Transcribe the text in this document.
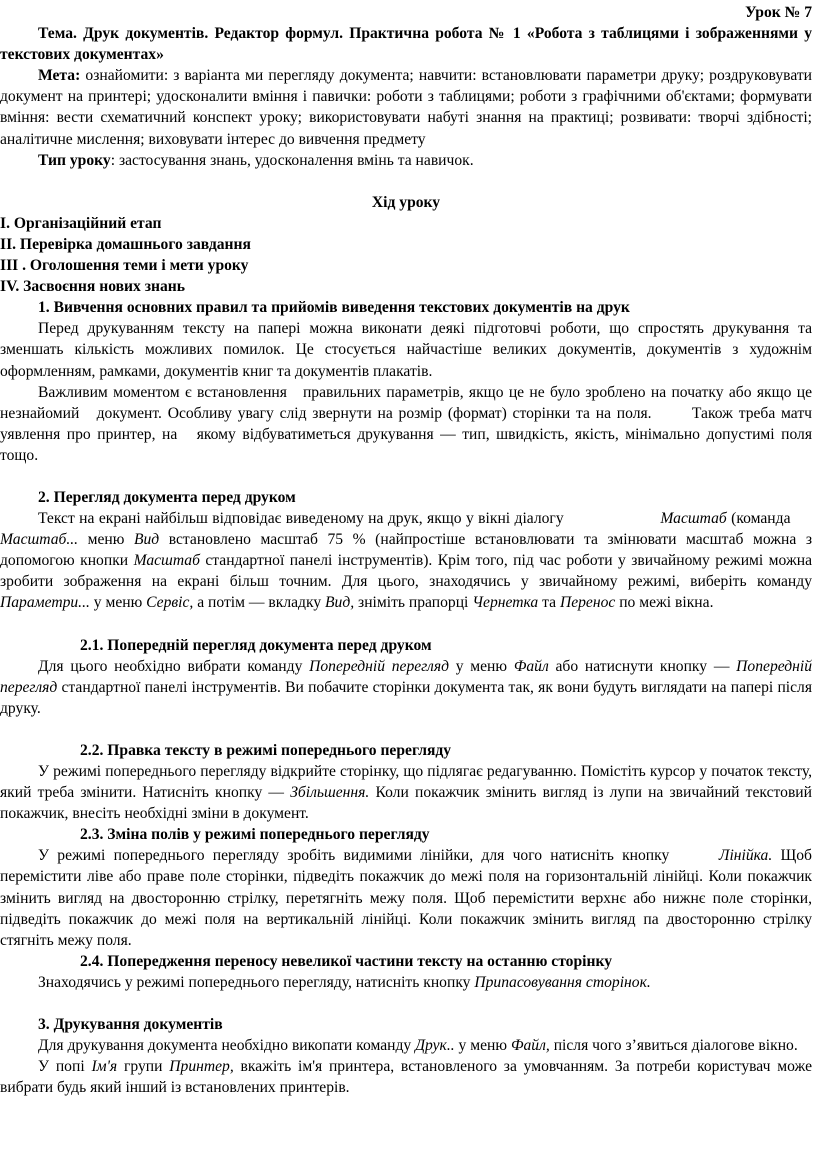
Урок № 7

Тема. Друк документів. Редактор формул. Практична робота № 1 «Робота з таблицями і зображеннями у текстових документах»

Мета: ознайомити: з варіанта ми перегляду документа; навчити: встановлювати параметри друку; роздруковувати документ на принтері; удосконалити вміння і павички: роботи з таблицями; роботи з графічними об'єктами; формувати вміння: вести схематичний конспект уроку; використовувати набуті знання на практиці; розвивати: творчі здібності; аналітичне мислення; виховувати інтерес до вивчення предмету

Тип уроку: застосування знань, удосконалення вмінь та навичок.

Хід уроку

І. Організаційний етап

ІІ. Перевірка домашнього завдання

ІІІ . Оголошення теми і мети уроку

IV. Засвоєння нових знань

1. Вивчення основних правил та прийомів виведення текстових документів на друк

Перед друкуванням тексту на папері можна виконати деякі підготовчі роботи, що спростять друкування та зменшать кількість можливих помилок. Це стосується найчастіше великих документів, документів з художнім оформленням, рамками, документів книг та документів плакатів.

Важливим моментом є встановлення   правильних параметрів, якщо це не було зроблено на початку або якщо це незнайомий   документ. Особливу увагу слід звернути на розмір (формат) сторінки та на поля.       Також треба матч уявлення про принтер, на   якому відбуватиметься друкування — тип, швидкість, якість, мінімально допустимі поля тощо.

2. Перегляд документа перед друком

Текст на екрані найбільш відповідає виведеному на друк, якщо у вікні діалогу	Масштаб (команда      Масштаб... меню Вид встановлено масштаб 75 % (найпростіше встановлювати та змінювати масштаб можна з допомогою кнопки Масштаб стандартної панелі інструментів). Крім того, під час роботи у звичайному режимі можна зробити зображення на екрані більш точним. Для цього, знаходячись у звичайному режимі, виберіть команду Параметри... у меню Сервіс, а потім — вкладку Вид, зніміть прапорці Чернетка та Перенос по межі вікна.

2.1. Попередній перегляд документа перед друком

Для цього необхідно вибрати команду Попередній перегляд у меню Файл або натиснути кнопку — Попередній перегляд стандартної панелі інструментів. Ви побачите сторінки документа так, як вони будуть виглядати на папері після друку.

2.2. Правка тексту в режимі попереднього перегляду

У режимі попереднього перегляду відкрийте сторінку, що підлягає редагуванню. Помістіть курсор у початок тексту, який треба змінити. Натисніть кнопку — Збільшення. Коли покажчик змінить вигляд із лупи на звичайний текстовий покажчик, внесіть необхідні зміни в документ.

2.3. Зміна полів у режимі попереднього перегляду

У режимі попереднього перегляду зробіть видимими лінійки, для чого натисніть кнопку	Лінійка. Щоб перемістити ліве або праве поле сторінки, підведіть покажчик до межі поля на горизонтальній лінійці. Коли покажчик змінить вигляд на двосторонню стрілку, перетягніть межу поля. Щоб перемістити верхнє або нижнє поле сторінки, підведіть покажчик до межі поля на вертикальній лінійці. Коли покажчик змінить вигляд па двосторонню стрілку стягніть межу поля.

2.4. Попередження переносу невеликої частини тексту на останню сторінку

Знаходячись у режимі попереднього перегляду, натисніть кнопку Припасовування сторінок.

3. Друкування документів

Для друкування документа необхідно викопати команду Друк.. у меню Файл, після чого з’явиться діалогове вікно.

У попі Ім'я групи Принтер, вкажіть ім'я принтера, встановленого за умовчанням. За потреби користувач може вибрати будь який інший із встановлених принтерів.
